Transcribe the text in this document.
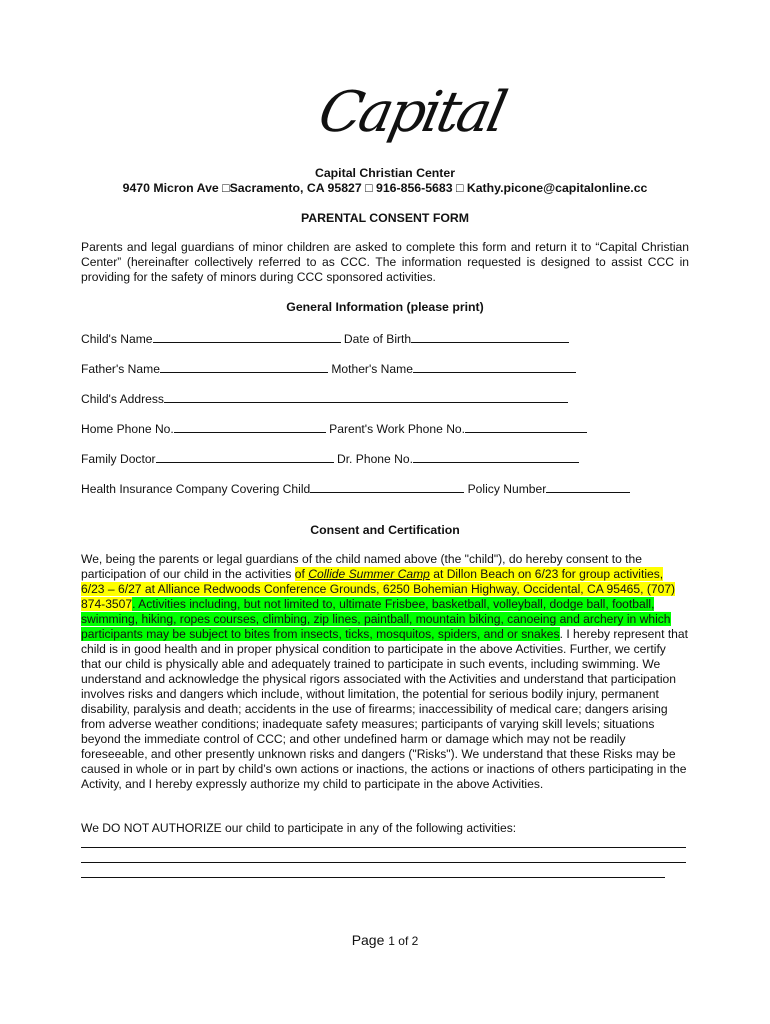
Capital
Capital Christian Center
9470 Micron Ave □Sacramento, CA 95827 □ 916-856-5683 □ Kathy.picone@capitalonline.cc
PARENTAL CONSENT FORM
Parents and legal guardians of minor children are asked to complete this form and return it to “Capital Christian Center” (hereinafter collectively referred to as CCC. The information requested is designed to assist CCC in providing for the safety of minors during CCC sponsored activities.
General Information (please print)
Child's Name	Date of Birth
Father's Name	Mother's Name
Child's Address
Home Phone No.	Parent's Work Phone No.
Family Doctor	Dr. Phone No.
Health Insurance Company Covering Child	Policy Number
Consent and Certification
We, being the parents or legal guardians of the child named above (the "child"), do hereby consent to the participation of our child in the activities of Collide Summer Camp at Dillon Beach on 6/23 for group activities, 6/23 – 6/27 at Alliance Redwoods Conference Grounds, 6250 Bohemian Highway, Occidental, CA 95465, (707) 874-3507. Activities including, but not limited to, ultimate Frisbee, basketball, volleyball, dodge ball, football, swimming, hiking, ropes courses, climbing, zip lines, paintball, mountain biking, canoeing and archery in which participants may be subject to bites from insects, ticks, mosquitos, spiders, and or snakes. I hereby represent that child is in good health and in proper physical condition to participate in the above Activities. Further, we certify that our child is physically able and adequately trained to participate in such events, including swimming. We understand and acknowledge the physical rigors associated with the Activities and understand that participation involves risks and dangers which include, without limitation, the potential for serious bodily injury, permanent disability, paralysis and death; accidents in the use of firearms; inaccessibility of medical care; dangers arising from adverse weather conditions; inadequate safety measures; participants of varying skill levels; situations beyond the immediate control of CCC; and other undefined harm or damage which may not be readily foreseeable, and other presently unknown risks and dangers ("Risks"). We understand that these Risks may be caused in whole or in part by child’s own actions or inactions, the actions or inactions of others participating in the Activity, and I hereby expressly authorize my child to participate in the above Activities.
We DO NOT AUTHORIZE our child to participate in any of the following activities:
Page 1 of 2
